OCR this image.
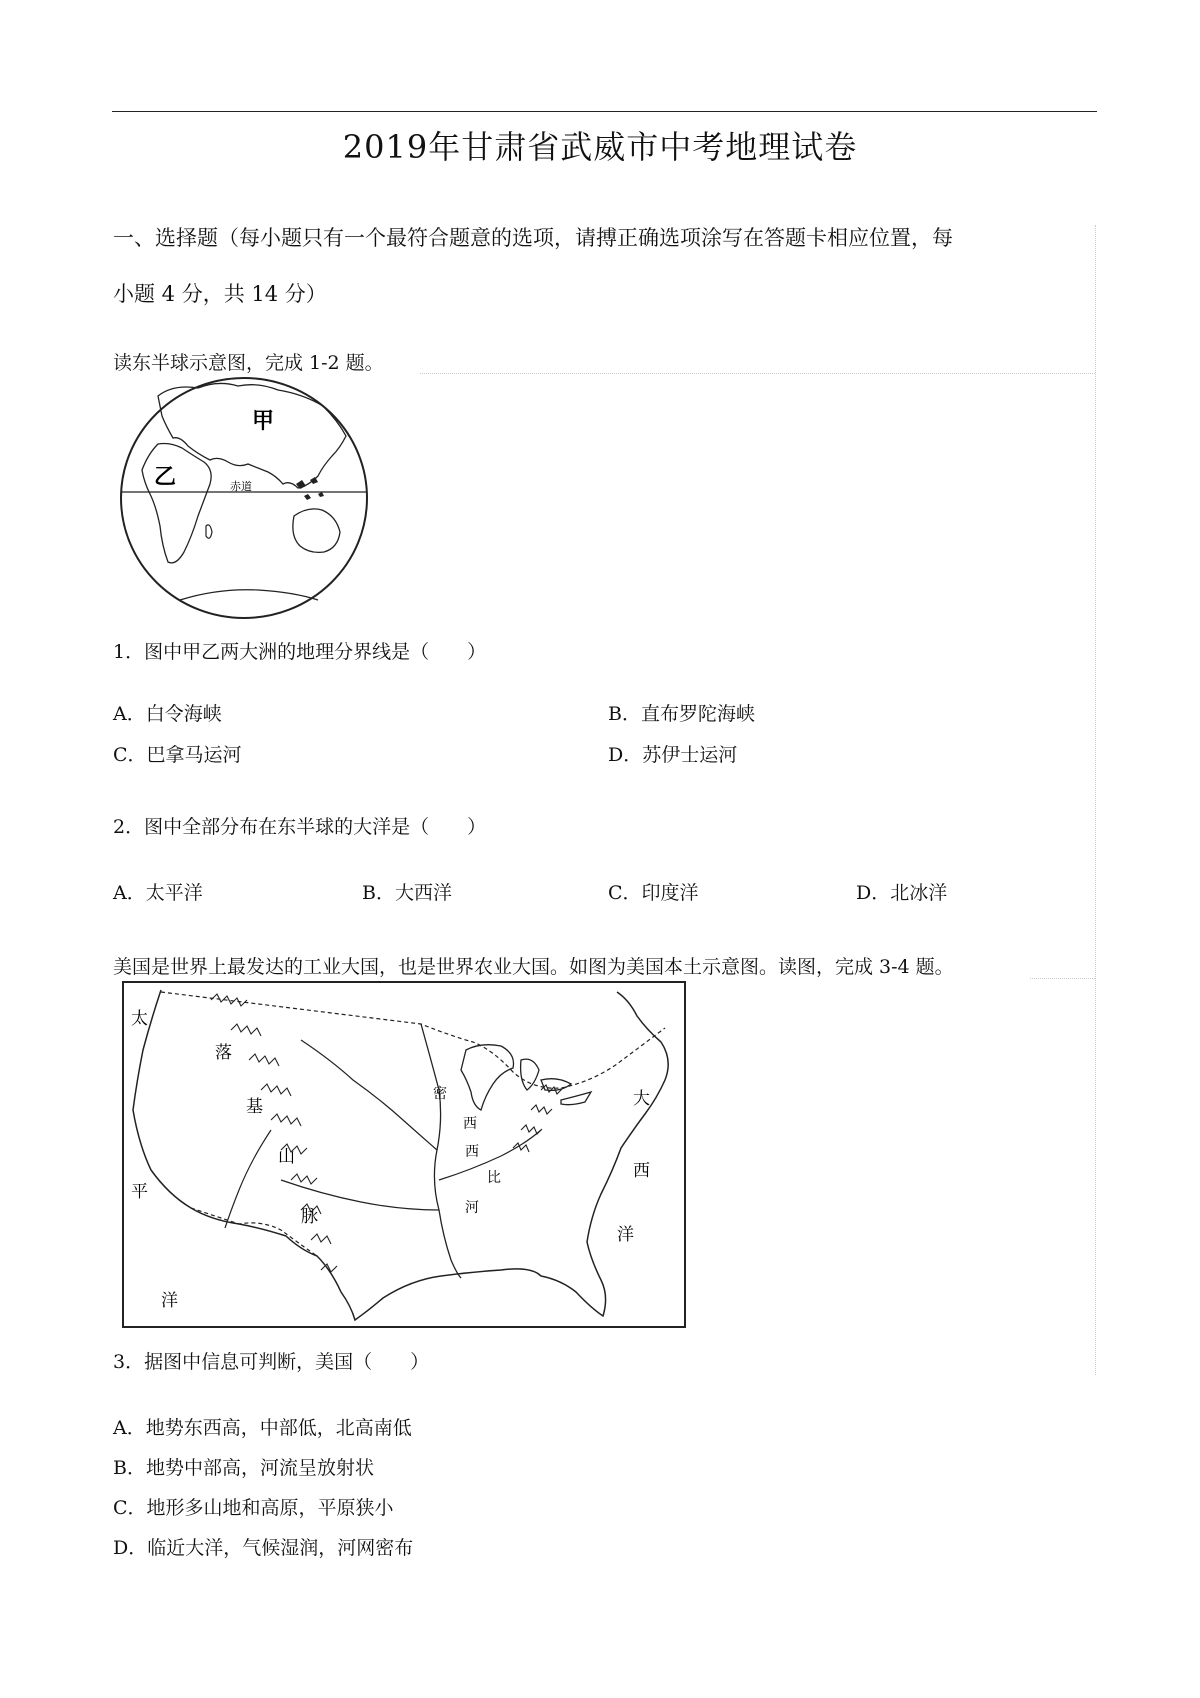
2019年甘肃省武威市中考地理试卷
一、选择题（每小题只有一个最符合题意的选项，请搏正确选项涂写在答题卡相应位置，每
小题 4 分，共 14 分）
读东半球示意图，完成 1-2 题。
甲
乙	赤道
1．图中甲乙两大洲的地理分界线是（　　）
A．白令海峡	B．直布罗陀海峡
C．巴拿马运河	D．苏伊士运河
2．图中全部分布在东半球的大洋是（　　）
A．太平洋	B．大西洋	C．印度洋	D．北冰洋
美国是世界上最发达的工业大国，也是世界农业大国。如图为美国本土示意图。读图，完成 3-4 题。
太
平
洋
落
基
山
脉
大
西
洋
密
西
西
比
河
3．据图中信息可判断，美国（　　）
A．地势东西高，中部低，北高南低
B．地势中部高，河流呈放射状
C．地形多山地和高原，平原狭小
D．临近大洋，气候湿润，河网密布
